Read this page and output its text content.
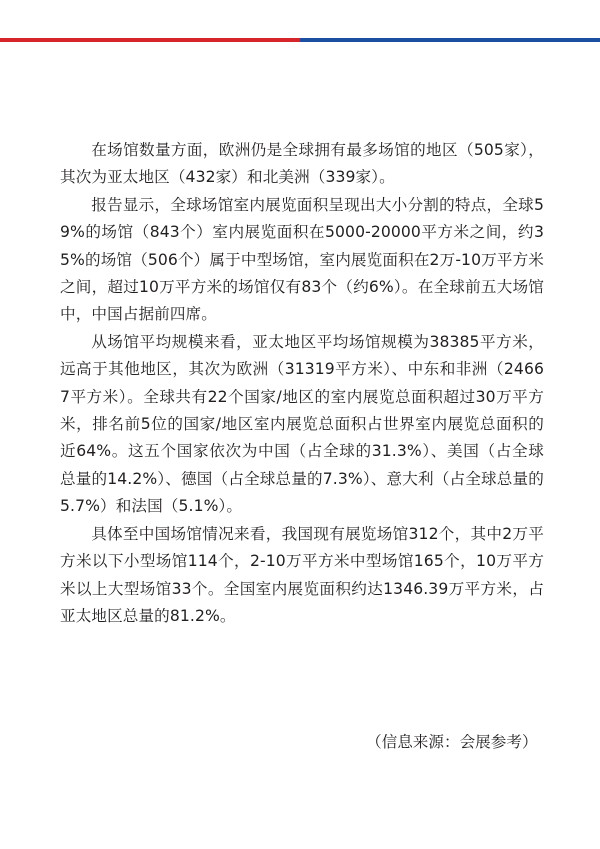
在场馆数量方面，欧洲仍是全球拥有最多场馆的地区（505家），其次为亚太地区（432家）和北美洲（339家）。

报告显示，全球场馆室内展览面积呈现出大小分割的特点，全球59%的场馆（843个）室内展览面积在5000-20000平方米之间，约35%的场馆（506个）属于中型场馆，室内展览面积在2万-10万平方米之间，超过10万平方米的场馆仅有83个（约6%）。在全球前五大场馆中，中国占据前四席。

从场馆平均规模来看，亚太地区平均场馆规模为38385平方米，远高于其他地区，其次为欧洲（31319平方米）、中东和非洲（24667平方米）。全球共有22个国家/地区的室内展览总面积超过30万平方米，排名前5位的国家/地区室内展览总面积占世界室内展览总面积的近64%。这五个国家依次为中国（占全球的31.3%）、美国（占全球总量的14.2%）、德国（占全球总量的7.3%）、意大利（占全球总量的5.7%）和法国（5.1%）。

具体至中国场馆情况来看，我国现有展览场馆312个，其中2万平方米以下小型场馆114个，2-10万平方米中型场馆165个，10万平方米以上大型场馆33个。全国室内展览面积约达1346.39万平方米，占亚太地区总量的81.2%。

（信息来源：会展参考）
